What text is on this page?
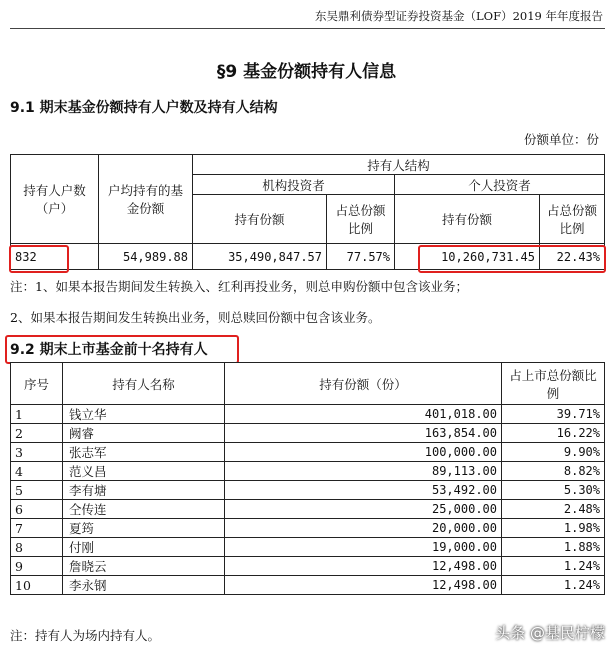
东吴鼎利债券型证券投资基金（LOF）2019 年年度报告
§9 基金份额持有人信息
9.1 期末基金份额持有人户数及持有人结构
份额单位：份
持有人户数（户）	户均持有的基金份额	持有人结构			
		机构投资者		个人投资者	
		持有份额	占总份额比例	持有份额	占总份额比例
832	54,989.88	35,490,847.57	77.57%	10,260,731.45	22.43%
注：1、如果本报告期间发生转换入、红利再投业务，则总申购份额中包含该业务；
2、如果本报告期间发生转换出业务，则总赎回份额中包含该业务。
9.2 期末上市基金前十名持有人
序号	持有人名称	持有份额（份）	占上市总份额比例
1	钱立华	401,018.00	39.71%
2	阙睿	163,854.00	16.22%
3	张志军	100,000.00	9.90%
4	范义昌	89,113.00	8.82%
5	李有塘	53,492.00	5.30%
6	仝传连	25,000.00	2.48%
7	夏筠	20,000.00	1.98%
8	付刚	19,000.00	1.88%
9	詹晓云	12,498.00	1.24%
10	李永钢	12,498.00	1.24%
注：持有人为场内持有人。	头条 @基民柠檬
